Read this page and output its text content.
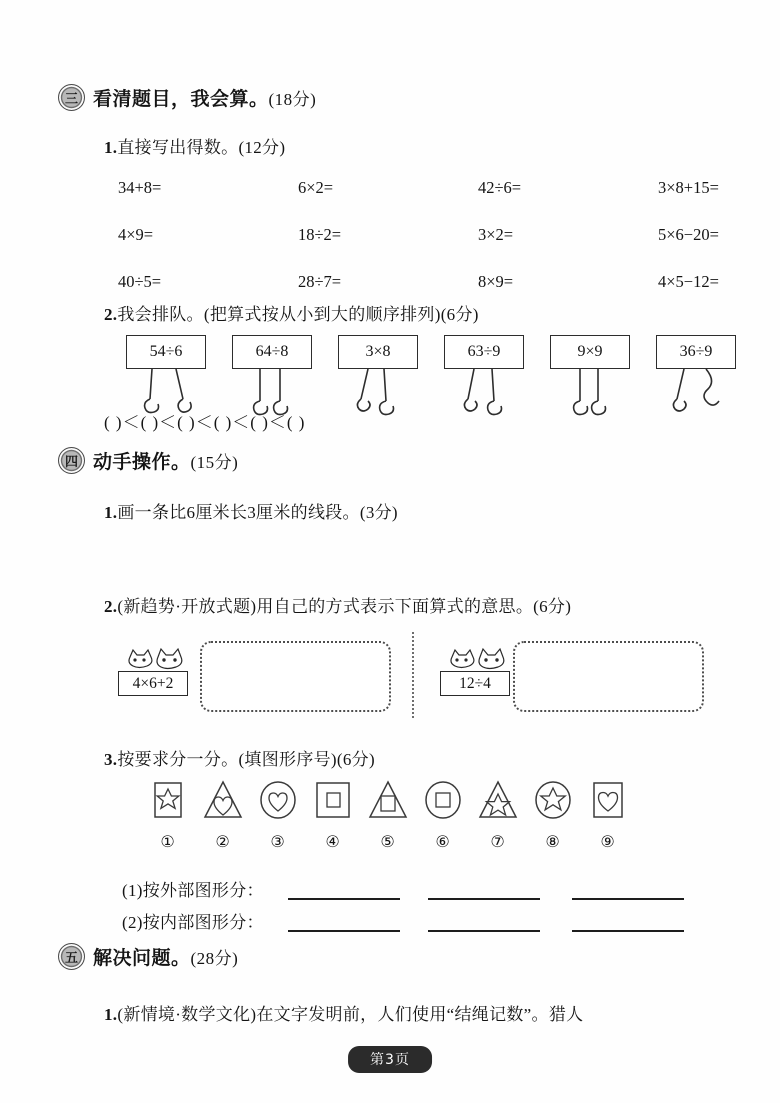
三 看清题目，我会算。(18分)
1.直接写出得数。(12分)
34+8=	6×2=	42÷6=	3×8+15=
4×9=	18÷2=	3×2=	5×6−20=
40÷5=	28÷7=	8×9=	4×5−12=
2.我会排队。(把算式按从小到大的顺序排列)(6分)
54÷6	64÷8	3×8	63÷9	9×9	36÷9
( )＜( )＜( )＜( )＜( )＜( )
四 动手操作。(15分)
1.画一条比6厘米长3厘米的线段。(3分)
2.(新趋势·开放式题)用自己的方式表示下面算式的意思。(6分)
4×6+2	12÷4
3.按要求分一分。(填图形序号)(6分)
①	②	③	④	⑤	⑥	⑦	⑧	⑨
(1)按外部图形分：
(2)按内部图形分：
五 解决问题。(28分)
1.(新情境·数学文化)在文字发明前，人们使用“结绳记数”。猎人
第3页
